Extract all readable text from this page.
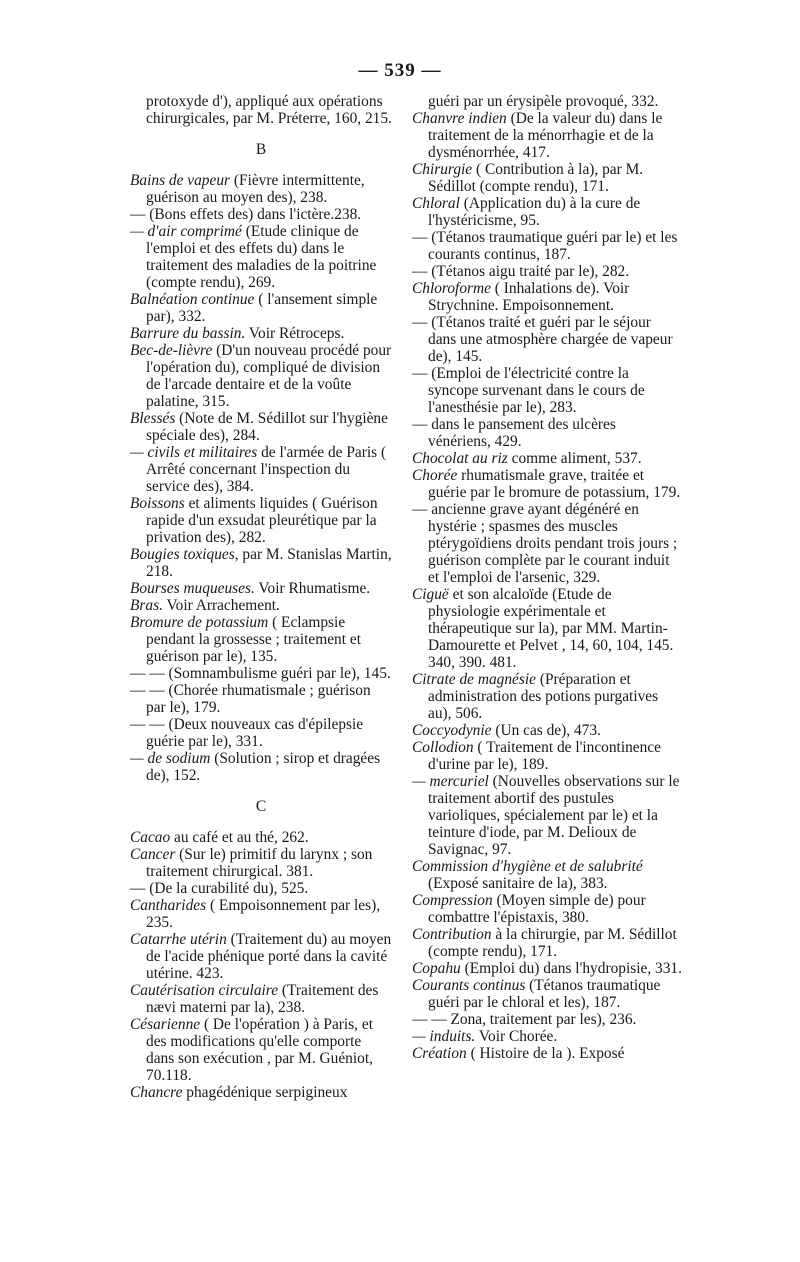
— 539 —

protoxyde d'), appliqué aux opérations chirurgicales, par M. Préterre, 160, 215.

B

Bains de vapeur (Fièvre intermittente, guérison au moyen des), 238.

— (Bons effets des) dans l'ictère.238.

— d'air comprimé (Etude clinique de l'emploi et des effets du) dans le traitement des maladies de la poitrine (compte rendu), 269.

Balnéation continue ( l'ansement simple par), 332.

Barrure du bassin. Voir Rétroceps.

Bec-de-lièvre (D'un nouveau procédé pour l'opération du), compliqué de division de l'arcade dentaire et de la voûte palatine, 315.

Blessés (Note de M. Sédillot sur l'hygiène spéciale des), 284.

— civils et militaires de l'armée de Paris ( Arrêté concernant l'inspection du service des), 384.

Boissons et aliments liquides ( Guérison rapide d'un exsudat pleurétique par la privation des), 282.

Bougies toxiques, par M. Stanislas Martin, 218.

Bourses muqueuses. Voir Rhumatisme.

Bras. Voir Arrachement.

Bromure de potassium ( Eclampsie pendant la grossesse ; traitement et guérison par le), 135.

— — (Somnambulisme guéri par le), 145.

— — (Chorée rhumatismale ; guérison par le), 179.

— — (Deux nouveaux cas d'épilepsie guérie par le), 331.

— de sodium (Solution ; sirop et dragées de), 152.

C

Cacao au café et au thé, 262.

Cancer (Sur le) primitif du larynx ; son traitement chirurgical. 381.

— (De la curabilité du), 525.

Cantharides ( Empoisonnement par les), 235.

Catarrhe utérin (Traitement du) au moyen de l'acide phénique porté dans la cavité utérine. 423.

Cautérisation circulaire (Traitement des nævi materni par la), 238.

Césarienne ( De l'opération ) à Paris, et des modifications qu'elle comporte dans son exécution , par M. Guéniot, 70.118.

Chancre phagédénique serpigineux

guéri par un érysipèle provoqué, 332.

Chanvre indien (De la valeur du) dans le traitement de la ménorrhagie et de la dysménorrhée, 417.

Chirurgie ( Contribution à la), par M. Sédillot (compte rendu), 171.

Chloral (Application du) à la cure de l'hystéricisme, 95.

— (Tétanos traumatique guéri par le) et les courants continus, 187.

— (Tétanos aigu traité par le), 282.

Chloroforme ( Inhalations de). Voir Strychnine. Empoisonnement.

— (Tétanos traité et guéri par le séjour dans une atmosphère chargée de vapeur de), 145.

— (Emploi de l'électricité contre la syncope survenant dans le cours de l'anesthésie par le), 283.

— dans le pansement des ulcères vénériens, 429.

Chocolat au riz comme aliment, 537.

Chorée rhumatismale grave, traitée et guérie par le bromure de potassium, 179.

— ancienne grave ayant dégénéré en hystérie ; spasmes des muscles ptérygoïdiens droits pendant trois jours ; guérison complète par le courant induit et l'emploi de l'arsenic, 329.

Ciguë et son alcaloïde (Etude de physiologie expérimentale et thérapeutique sur la), par MM. Martin-Damourette et Pelvet , 14, 60, 104, 145. 340, 390. 481.

Citrate de magnésie (Préparation et administration des potions purgatives au), 506.

Coccyodynie (Un cas de), 473.

Collodion ( Traitement de l'incontinence d'urine par le), 189.

— mercuriel (Nouvelles observations sur le traitement abortif des pustules varioliques, spécialement par le) et la teinture d'iode, par M. Delioux de Savignac, 97.

Commission d'hygiène et de salubrité (Exposé sanitaire de la), 383.

Compression (Moyen simple de) pour combattre l'épistaxis, 380.

Contribution à la chirurgie, par M. Sédillot (compte rendu), 171.

Copahu (Emploi du) dans l'hydropisie, 331.

Courants continus (Tétanos traumatique guéri par le chloral et les), 187.

— — Zona, traitement par les), 236.

— induits. Voir Chorée.

Création ( Histoire de la ). Exposé
